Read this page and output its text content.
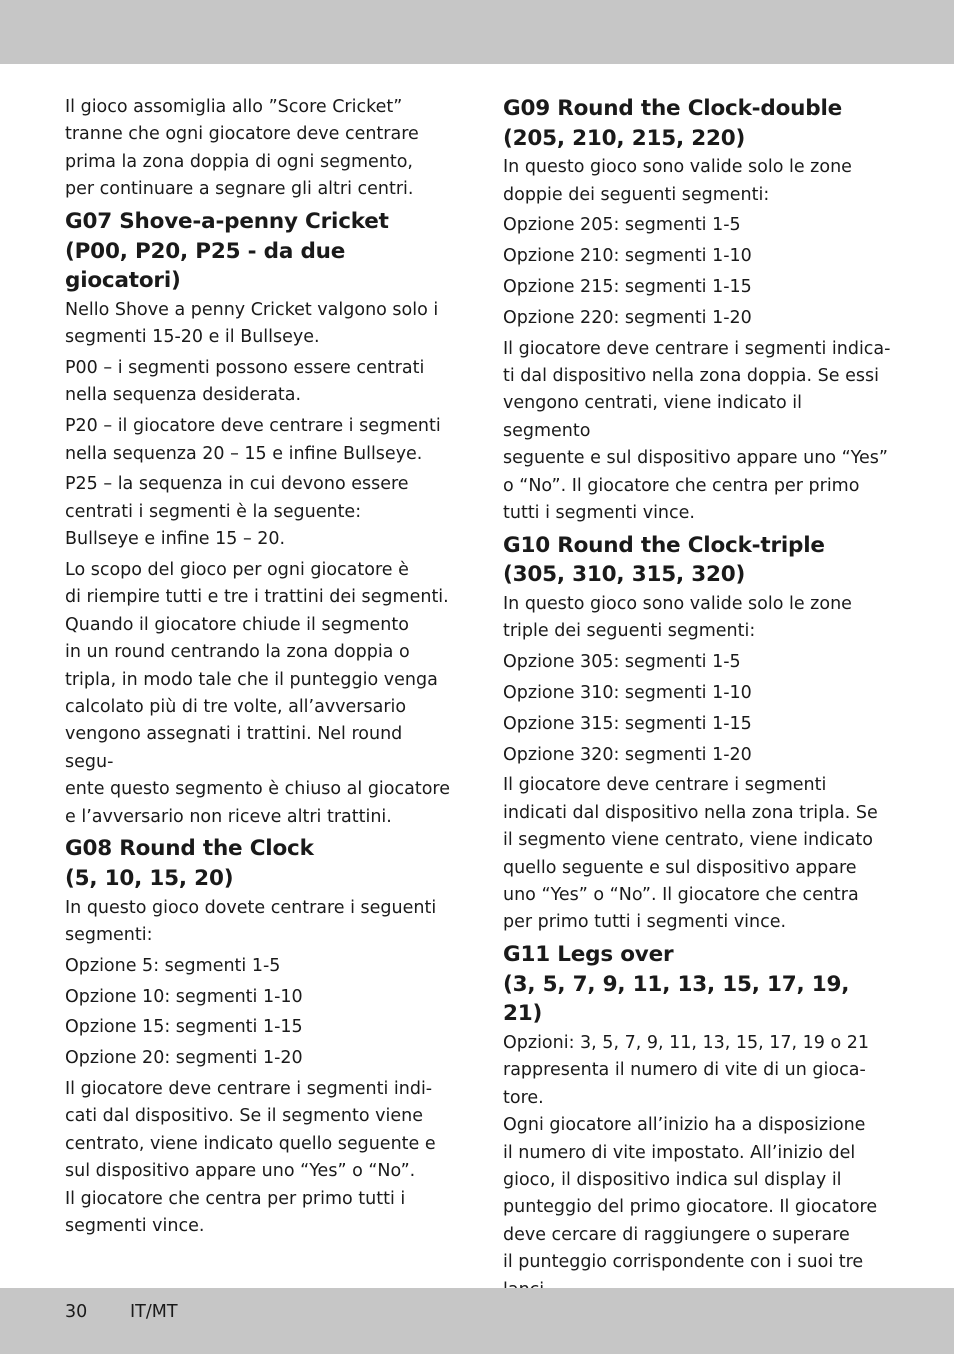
Il gioco assomiglia allo ”Score Cricket”
tranne che ogni giocatore deve centrare
prima la zona doppia di ogni segmento,
per continuare a segnare gli altri centri.

G07 Shove-a-penny Cricket
(P00, P20, P25 - da due
giocatori)

Nello Shove a penny Cricket valgono solo i
segmenti 15-20 e il Bullseye.

P00 – i segmenti possono essere centrati
nella sequenza desiderata.

P20 – il giocatore deve centrare i segmenti
nella sequenza 20 – 15 e infine Bullseye.

P25 – la sequenza in cui devono essere
centrati i segmenti è la seguente:
Bullseye e infine 15 – 20.

Lo scopo del gioco per ogni giocatore è
di riempire tutti e tre i trattini dei segmenti.
Quando il giocatore chiude il segmento
in un round centrando la zona doppia o
tripla, in modo tale che il punteggio venga
calcolato più di tre volte, all’avversario
vengono assegnati i trattini. Nel round segu-
ente questo segmento è chiuso al giocatore
e l’avversario non riceve altri trattini.

G08 Round the Clock
(5, 10, 15, 20)

In questo gioco dovete centrare i seguenti
segmenti:

Opzione 5: segmenti 1-5

Opzione 10: segmenti 1-10

Opzione 15: segmenti 1-15

Opzione 20: segmenti 1-20

Il giocatore deve centrare i segmenti indi-
cati dal dispositivo. Se il segmento viene
centrato, viene indicato quello seguente e
sul dispositivo appare uno “Yes” o “No”.
Il giocatore che centra per primo tutti i
segmenti vince.

G09 Round the Clock-double
(205, 210, 215, 220)

In questo gioco sono valide solo le zone
doppie dei seguenti segmenti:

Opzione 205: segmenti 1-5

Opzione 210: segmenti 1-10

Opzione 215: segmenti 1-15

Opzione 220: segmenti 1-20

Il giocatore deve centrare i segmenti indica-
ti dal dispositivo nella zona doppia. Se essi
vengono centrati, viene indicato il segmento
seguente e sul dispositivo appare uno “Yes”
o “No”. Il giocatore che centra per primo
tutti i segmenti vince.

G10 Round the Clock-triple
(305, 310, 315, 320)

In questo gioco sono valide solo le zone
triple dei seguenti segmenti:

Opzione 305: segmenti 1-5

Opzione 310: segmenti 1-10

Opzione 315: segmenti 1-15

Opzione 320: segmenti 1-20

Il giocatore deve centrare i segmenti
indicati dal dispositivo nella zona tripla. Se
il segmento viene centrato, viene indicato
quello seguente e sul dispositivo appare
uno “Yes” o “No”. Il giocatore che centra
per primo tutti i segmenti vince.

G11 Legs over
(3, 5, 7, 9, 11, 13, 15, 17, 19, 21)

Opzioni: 3, 5, 7, 9, 11, 13, 15, 17, 19 o 21
rappresenta il numero di vite di un gioca-
tore.
Ogni giocatore all’inizio ha a disposizione
il numero di vite impostato. All’inizio del
gioco, il dispositivo indica sul display il
punteggio del primo giocatore. Il giocatore
deve cercare di raggiungere o superare
il punteggio corrispondente con i suoi tre

30 IT/MT
